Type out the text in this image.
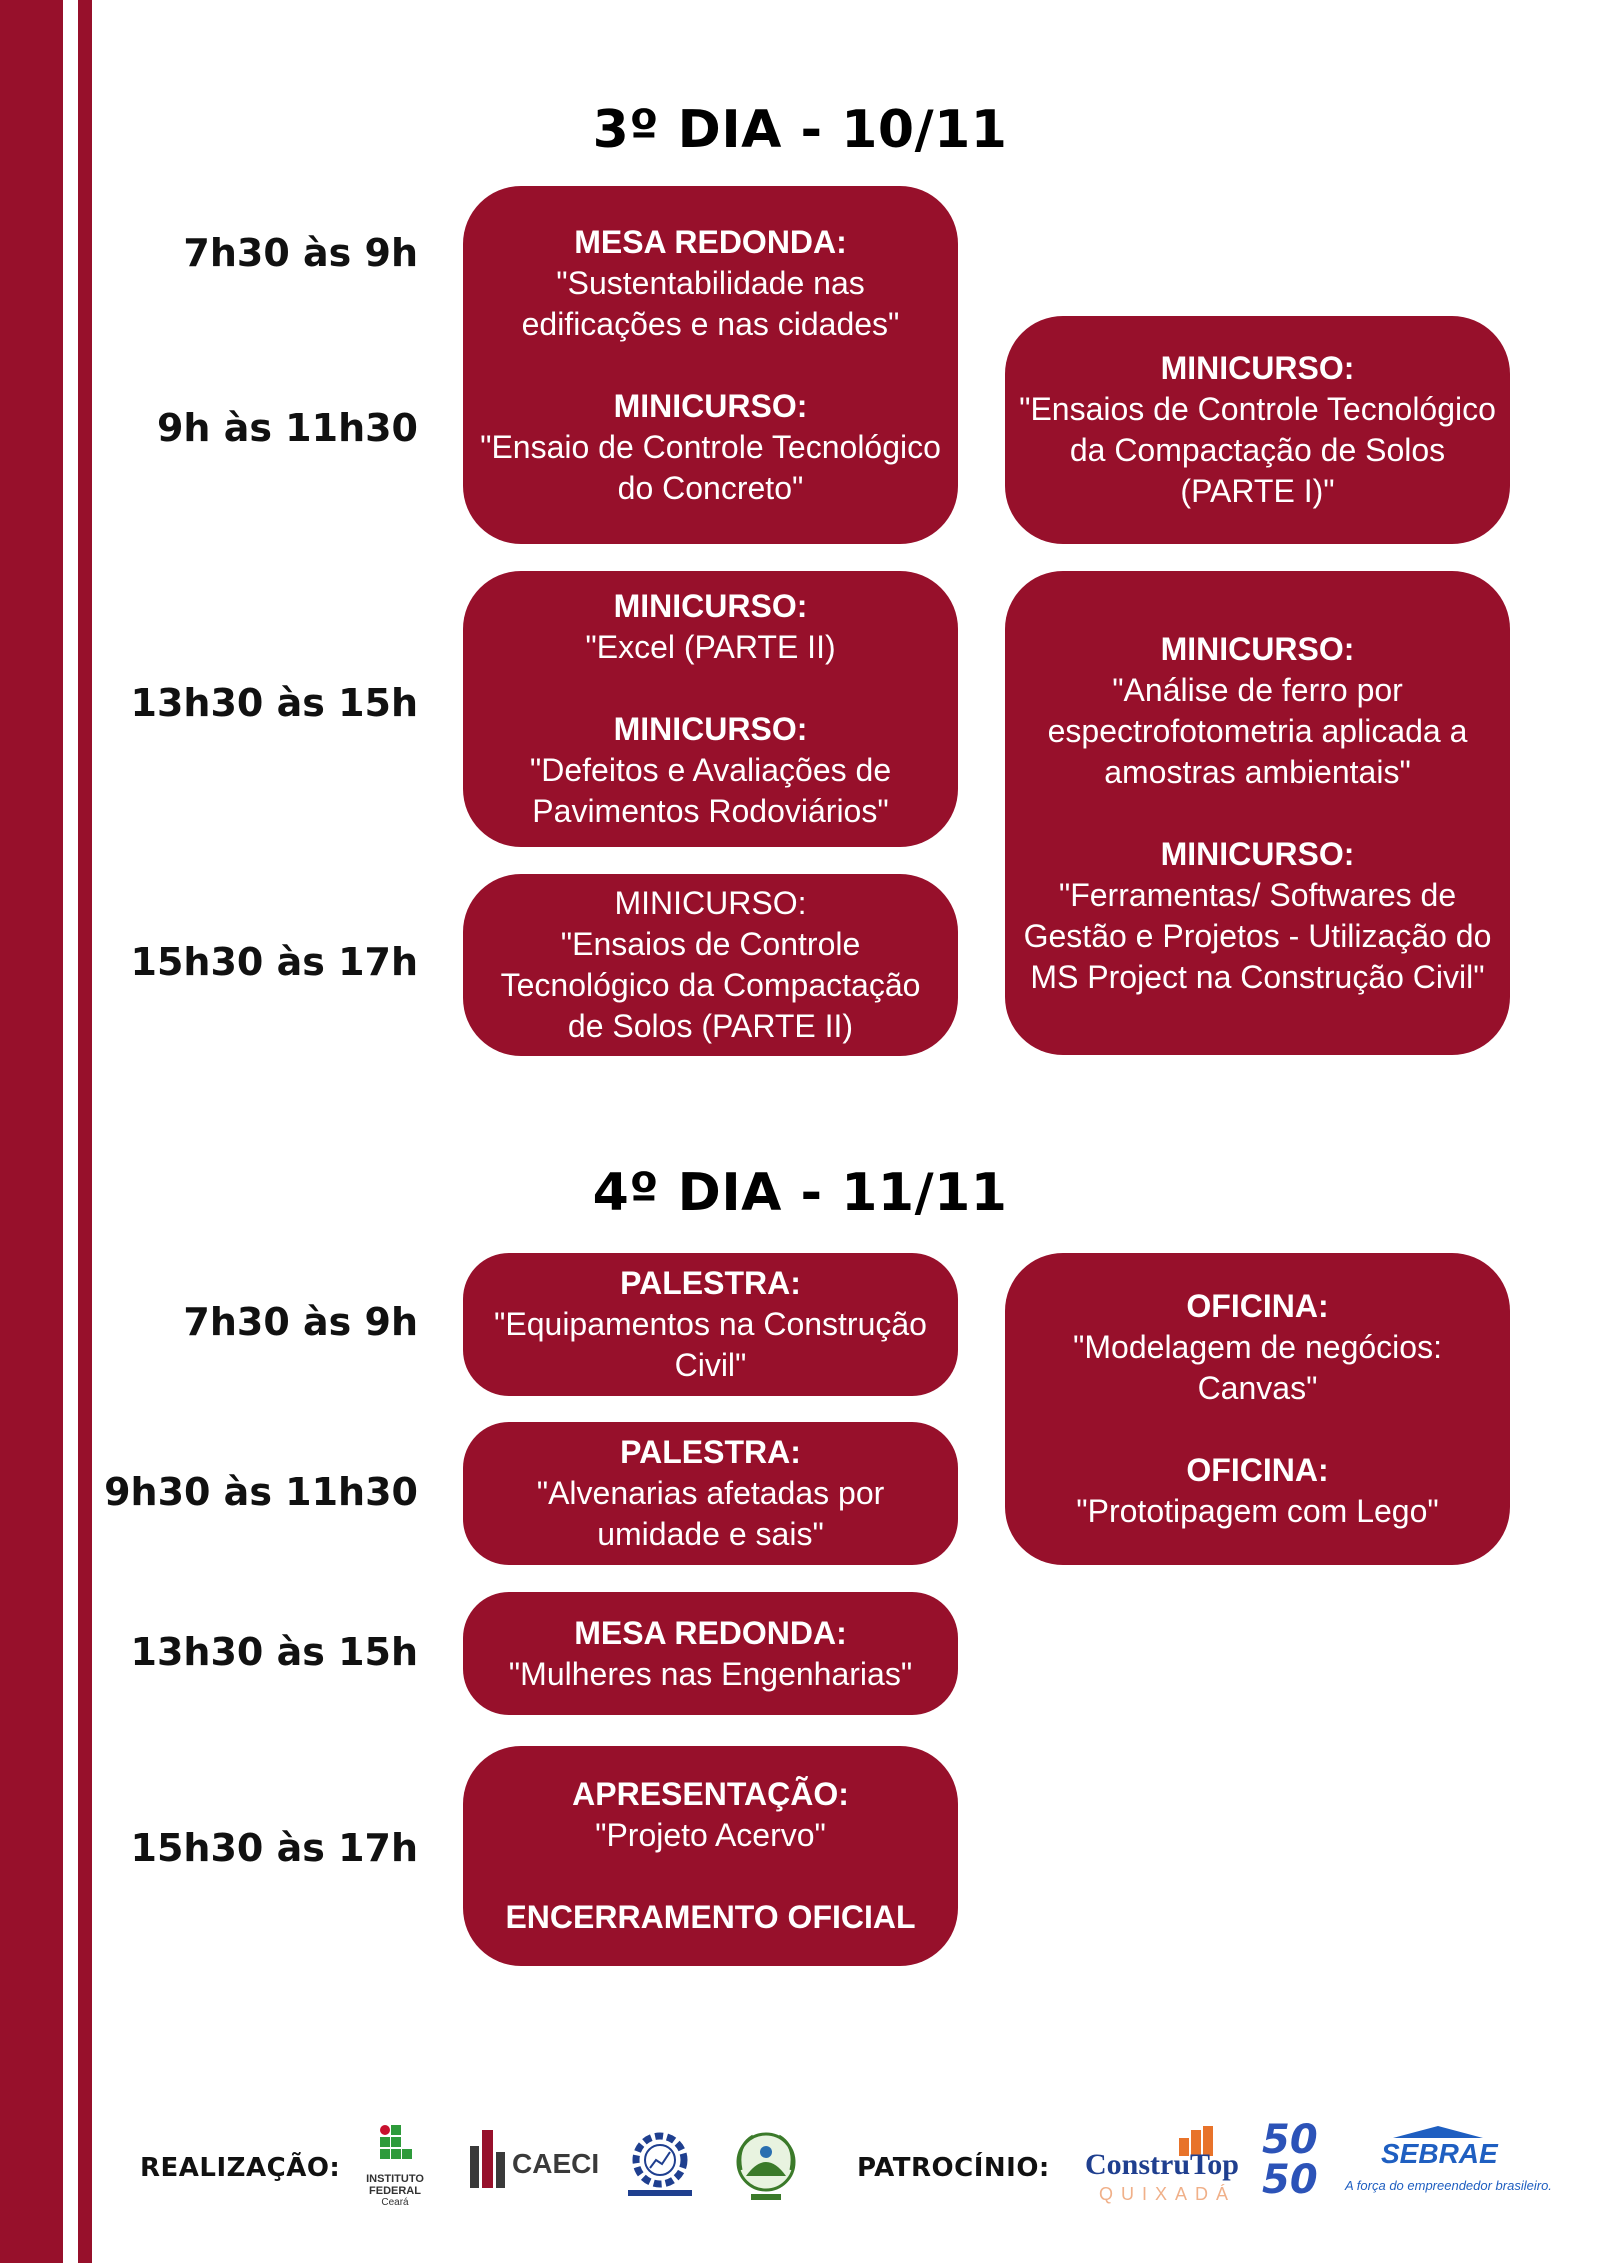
3º DIA - 10/11
7h30 às 9h
9h às 11h30
13h30 às 15h
15h30 às 17h
MESA REDONDA:
"Sustentabilidade nas edificações e nas cidades"
MINICURSO:
"Ensaio de Controle Tecnológico do Concreto"
MINICURSO:
"Ensaios de Controle Tecnológico da Compactação de Solos (PARTE I)"
MINICURSO:
"Excel (PARTE II)
MINICURSO:
"Defeitos e Avaliações de Pavimentos Rodoviários"
MINICURSO:
"Análise de ferro por espectrofotometria aplicada a amostras ambientais"
MINICURSO:
"Ferramentas/ Softwares de Gestão e Projetos - Utilização do MS Project na Construção Civil"
MINICURSO:
"Ensaios de Controle Tecnológico da Compactação de Solos (PARTE II)
4º DIA - 11/11
7h30 às 9h
9h30 às 11h30
13h30 às 15h
15h30 às 17h
PALESTRA:
"Equipamentos na Construção Civil"
PALESTRA:
"Alvenarias afetadas por umidade e sais"
MESA REDONDA:
"Mulheres nas Engenharias"
APRESENTAÇÃO:
"Projeto Acervo"
ENCERRAMENTO OFICIAL
OFICINA:
"Modelagem de negócios: Canvas"
OFICINA:
"Prototipagem com Lego"
REALIZAÇÃO:	INSTITUTO FEDERAL
Ceará
CAECI	PATROCÍNIO: ConstruTop
QUIXADÁ
50 50
SEBRAE
A força do empreendedor brasileiro.
